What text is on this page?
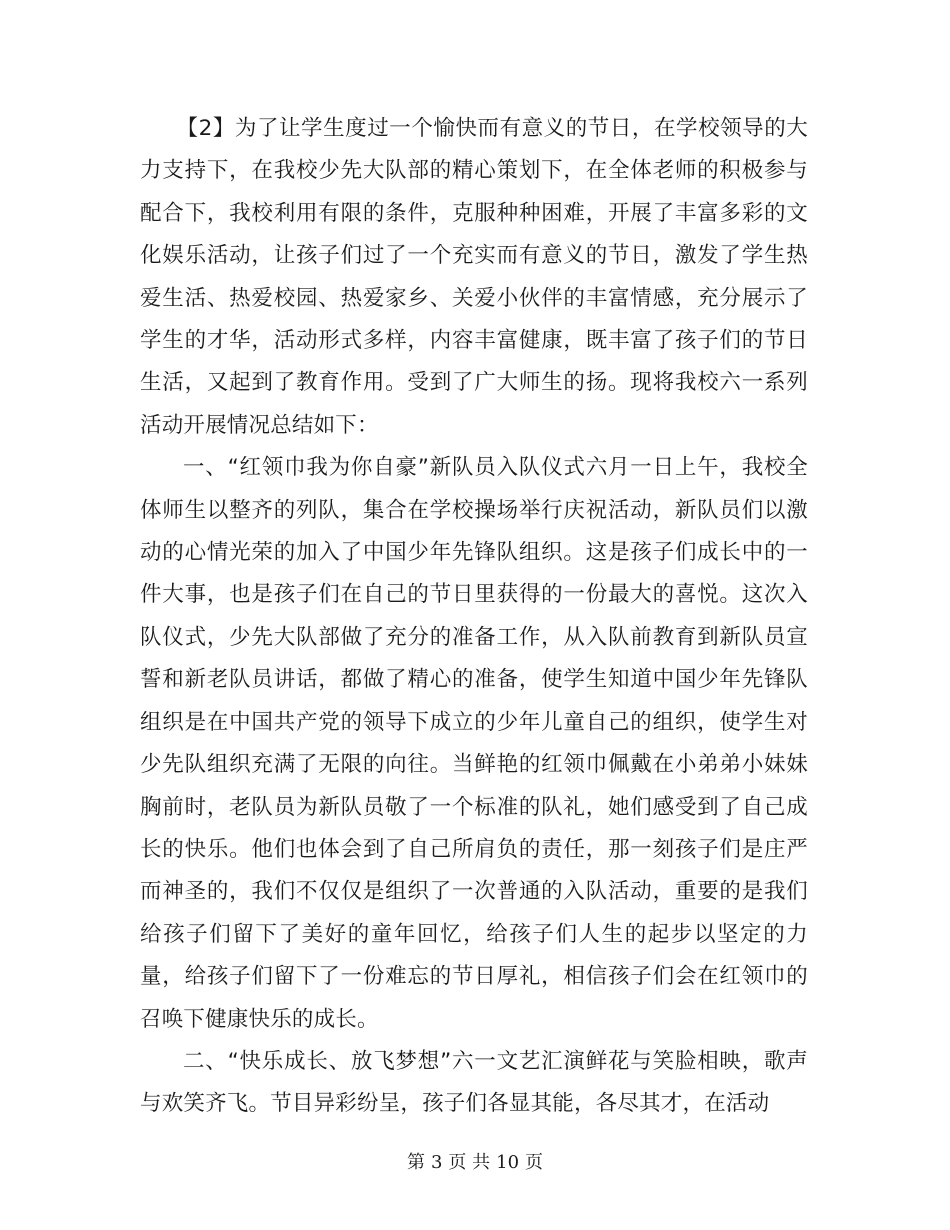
【2】为了让学生度过一个愉快而有意义的节日，在学校领导的大力支持下，在我校少先大队部的精心策划下，在全体老师的积极参与配合下，我校利用有限的条件，克服种种困难，开展了丰富多彩的文化娱乐活动，让孩子们过了一个充实而有意义的节日，激发了学生热爱生活、热爱校园、热爱家乡、关爱小伙伴的丰富情感，充分展示了学生的才华，活动形式多样，内容丰富健康，既丰富了孩子们的节日生活，又起到了教育作用。受到了广大师生的扬。现将我校六一系列活动开展情况总结如下：

一、“红领巾我为你自豪”新队员入队仪式六月一日上午，我校全体师生以整齐的列队，集合在学校操场举行庆祝活动，新队员们以激动的心情光荣的加入了中国少年先锋队组织。这是孩子们成长中的一件大事，也是孩子们在自己的节日里获得的一份最大的喜悦。这次入队仪式，少先大队部做了充分的准备工作，从入队前教育到新队员宣誓和新老队员讲话，都做了精心的准备，使学生知道中国少年先锋队组织是在中国共产党的领导下成立的少年儿童自己的组织，使学生对少先队组织充满了无限的向往。当鲜艳的红领巾佩戴在小弟弟小妹妹胸前时，老队员为新队员敬了一个标准的队礼，她们感受到了自己成长的快乐。他们也体会到了自己所肩负的责任，那一刻孩子们是庄严而神圣的，我们不仅仅是组织了一次普通的入队活动，重要的是我们给孩子们留下了美好的童年回忆，给孩子们人生的起步以坚定的力量，给孩子们留下了一份难忘的节日厚礼，相信孩子们会在红领巾的召唤下健康快乐的成长。

二、“快乐成长、放飞梦想”六一文艺汇演鲜花与笑脸相映，歌声与欢笑齐飞。节目异彩纷呈，孩子们各显其能，各尽其才，在活动

第 3 页 共 10 页
